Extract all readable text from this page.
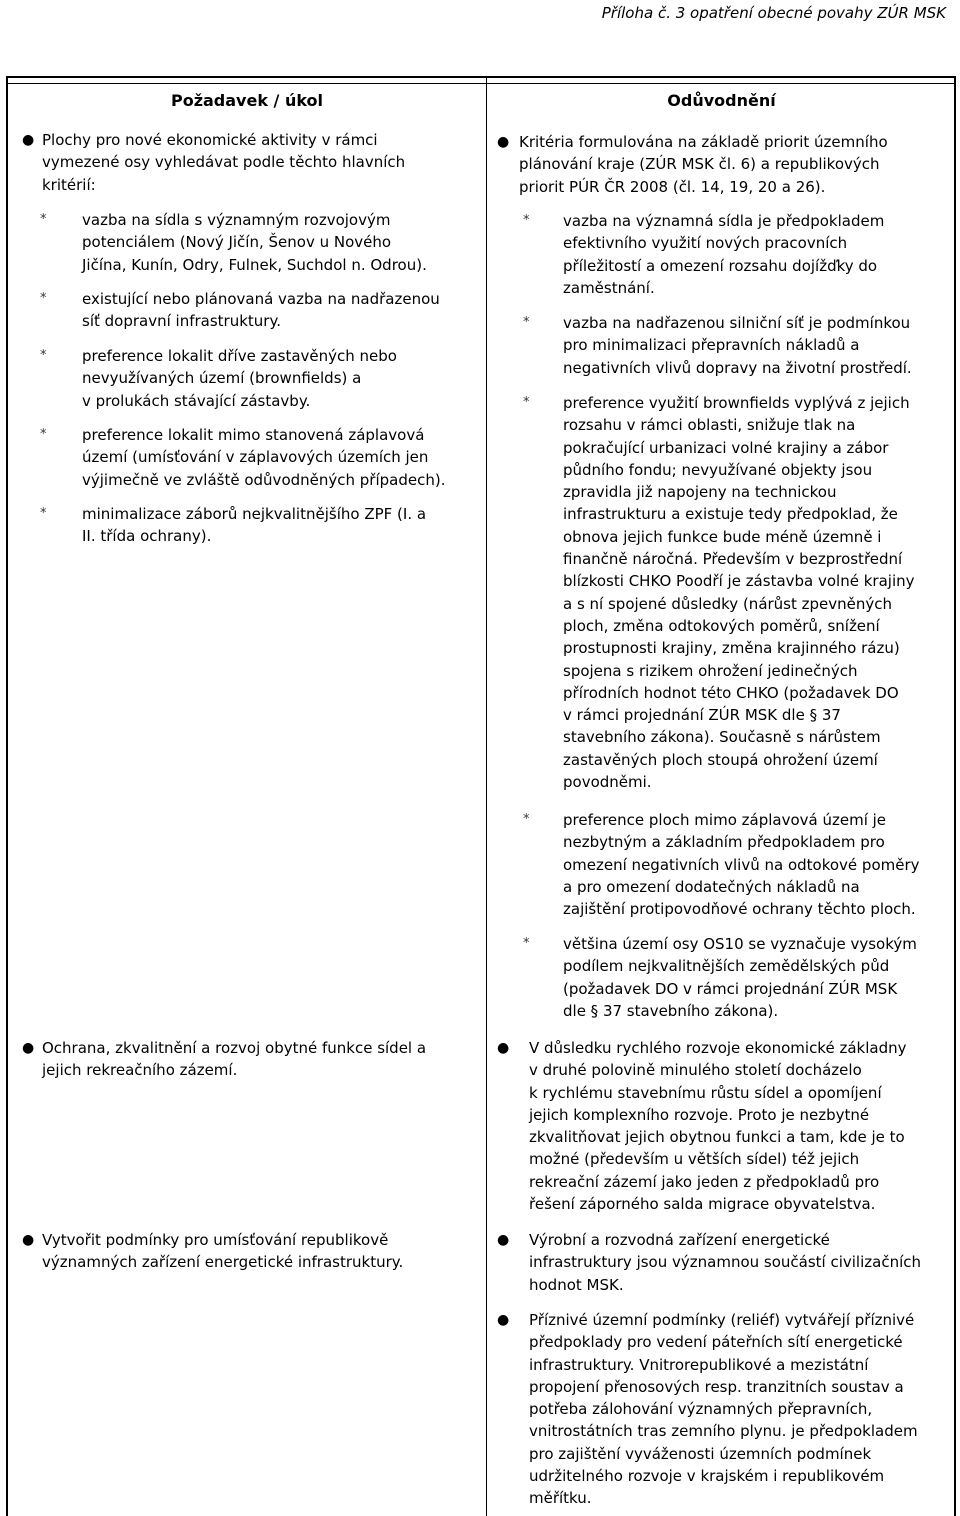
Příloha č. 3 opatření obecné povahy ZÚR MSK
Požadavek / úkol
● Plochy pro nové ekonomické aktivity v rámci
vymezené osy vyhledávat podle těchto hlavních
kritérií:
* vazba na sídla s významným rozvojovým
potenciálem (Nový Jičín, Šenov u Nového
Jičína, Kunín, Odry, Fulnek, Suchdol n. Odrou).
* existující nebo plánovaná vazba na nadřazenou
síť dopravní infrastruktury.
* preference lokalit dříve zastavěných nebo
nevyužívaných území (brownfields) a
v prolukách stávající zástavby.
* preference lokalit mimo stanovená záplavová
území (umísťování v záplavových územích jen
výjimečně ve zvláště odůvodněných případech).
* minimalizace záborů nejkvalitnějšího ZPF (I. a
II. třída ochrany).
● Ochrana, zkvalitnění a rozvoj obytné funkce sídel a
jejich rekreačního zázemí.
● Vytvořit podmínky pro umísťování republikově
významných zařízení energetické infrastruktury.
Odůvodnění
● Kritéria formulována na základě priorit územního
plánování kraje (ZÚR MSK čl. 6) a republikových
priorit PÚR ČR 2008 (čl. 14, 19, 20 a 26).
* vazba na významná sídla je předpokladem
efektivního využití nových pracovních
příležitostí a omezení rozsahu dojížďky do
zaměstnání.
* vazba na nadřazenou silniční síť je podmínkou
pro minimalizaci přepravních nákladů a
negativních vlivů dopravy na životní prostředí.
* preference využití brownfields vyplývá z jejich
rozsahu v rámci oblasti, snižuje tlak na
pokračující urbanizaci volné krajiny a zábor
půdního fondu; nevyužívané objekty jsou
zpravidla již napojeny na technickou
infrastrukturu a existuje tedy předpoklad, že
obnova jejich funkce bude méně územně i
finančně náročná. Především v bezprostřední
blízkosti CHKO Poodří je zástavba volné krajiny
a s ní spojené důsledky (nárůst zpevněných
ploch, změna odtokových poměrů, snížení
prostupnosti krajiny, změna krajinného rázu)
spojena s rizikem ohrožení jedinečných
přírodních hodnot této CHKO (požadavek DO
v rámci projednání ZÚR MSK dle § 37
stavebního zákona). Současně s nárůstem
zastavěných ploch stoupá ohrožení území
povodněmi.
* preference ploch mimo záplavová území je
nezbytným a základním předpokladem pro
omezení negativních vlivů na odtokové poměry
a pro omezení dodatečných nákladů na
zajištění protipovodňové ochrany těchto ploch.
* většina území osy OS10 se vyznačuje vysokým
podílem nejkvalitnějších zemědělských půd
(požadavek DO v rámci projednání ZÚR MSK
dle § 37 stavebního zákona).
● V důsledku rychlého rozvoje ekonomické základny
v druhé polovině minulého století docházelo
k rychlému stavebnímu růstu sídel a opomíjení
jejich komplexního rozvoje. Proto je nezbytné
zkvalitňovat jejich obytnou funkci a tam, kde je to
možné (především u větších sídel) též jejich
rekreační zázemí jako jeden z předpokladů pro
řešení záporného salda migrace obyvatelstva.
● Výrobní a rozvodná zařízení energetické
infrastruktury jsou významnou součástí civilizačních
hodnot MSK.
● Příznivé územní podmínky (reliéf) vytvářejí příznivé
předpoklady pro vedení páteřních sítí energetické
infrastruktury. Vnitrorepublikové a mezistátní
propojení přenosových resp. tranzitních soustav a
potřeba zálohování významných přepravních,
vnitrostátních tras zemního plynu. je předpokladem
pro zajištění vyváženosti územních podmínek
udržitelného rozvoje v krajském i republikovém
měřítku.
